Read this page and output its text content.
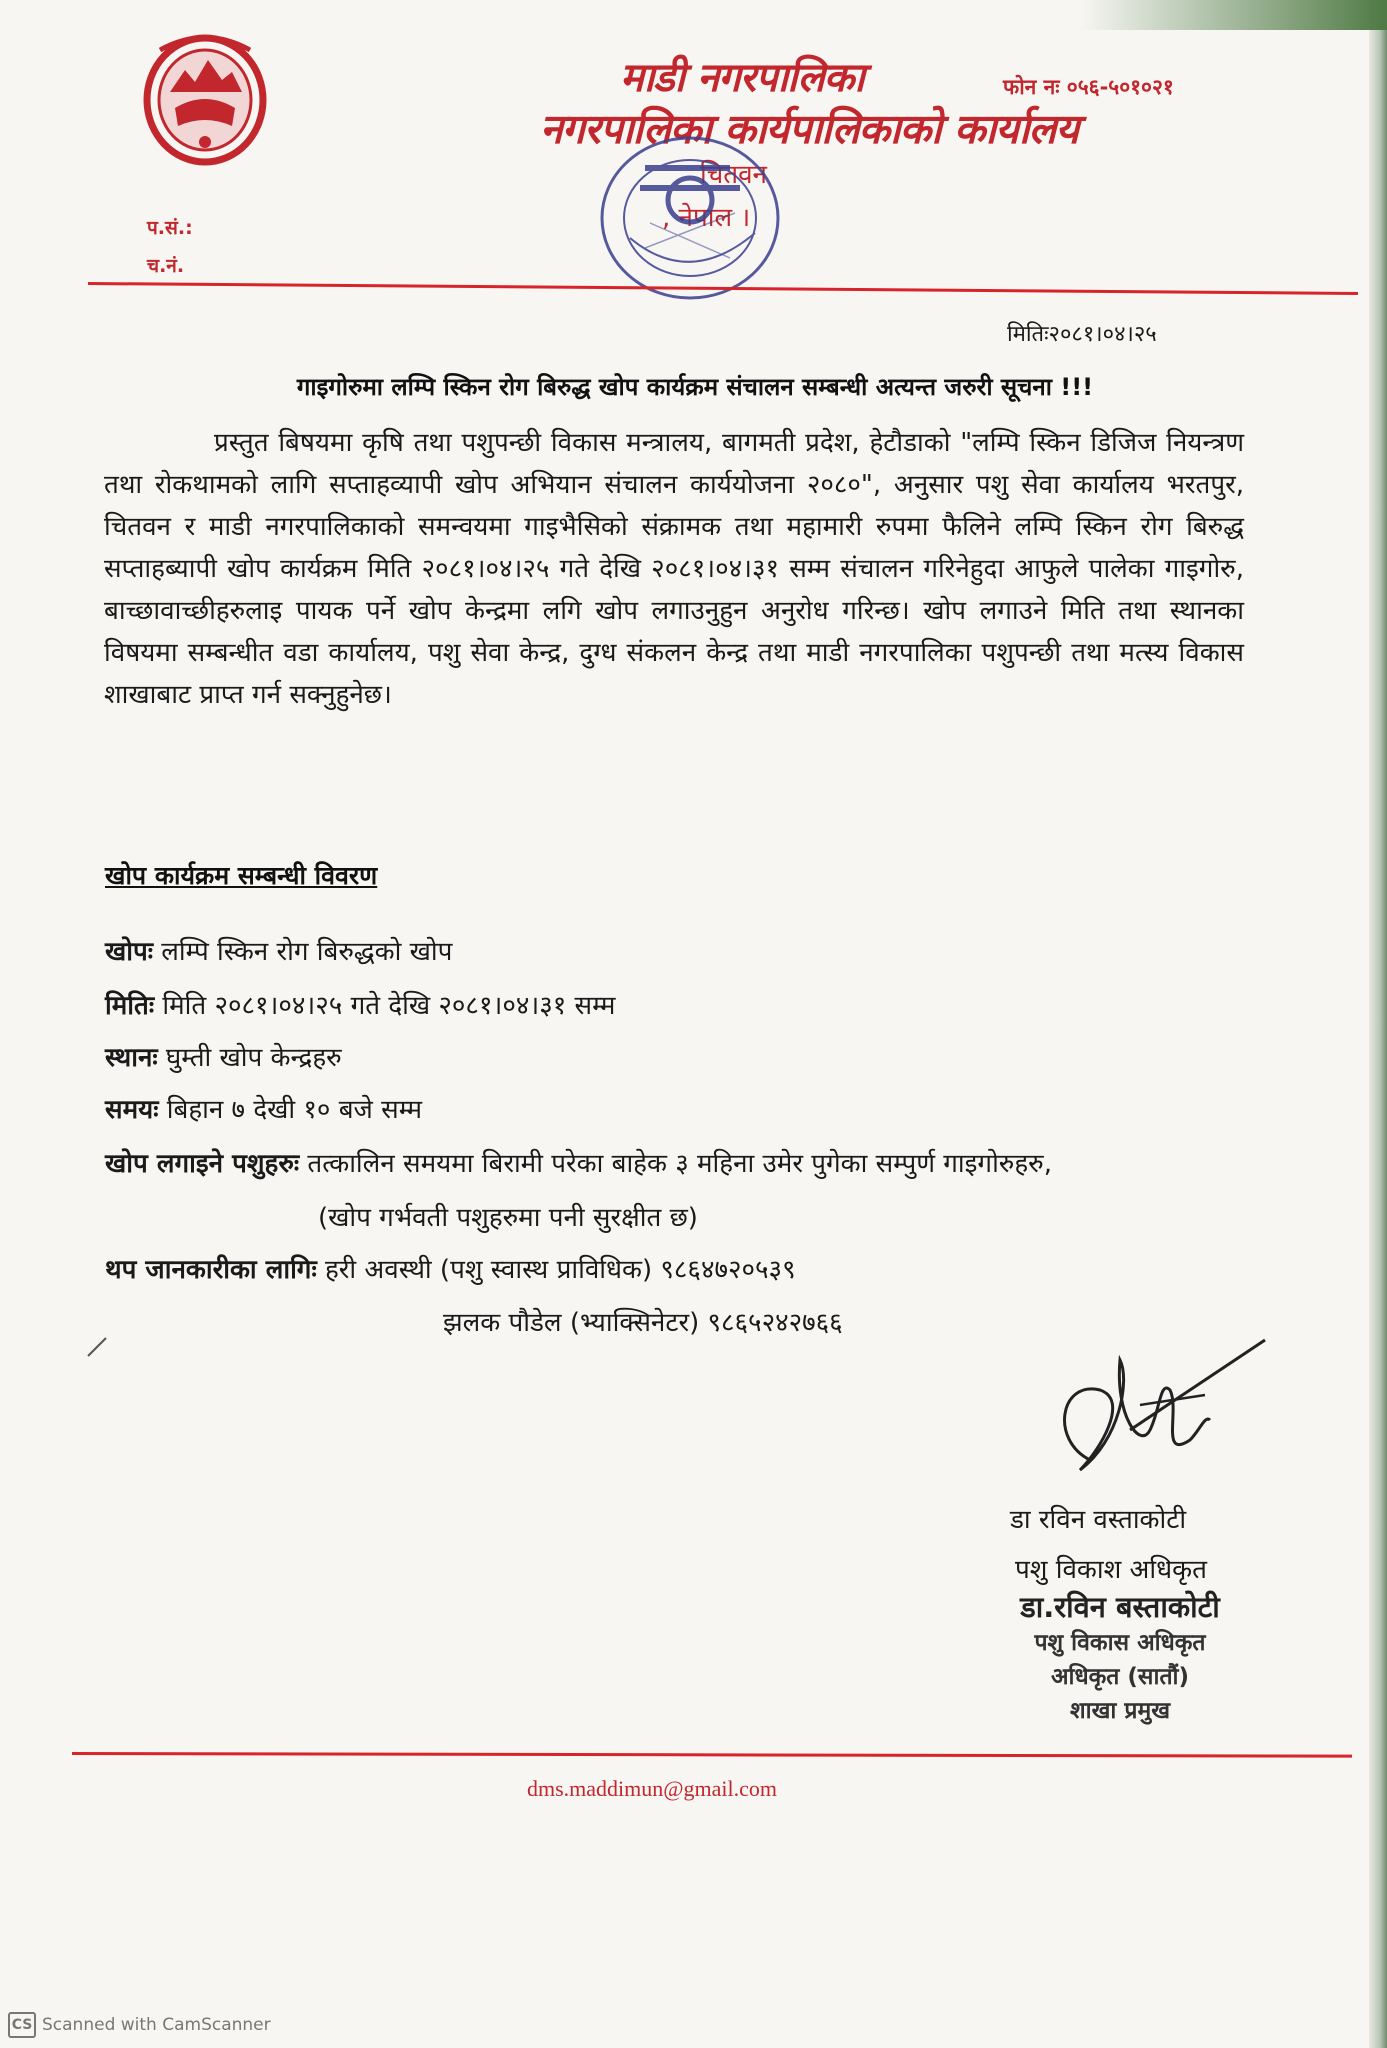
माडी नगरपालिका
नगरपालिका कार्यपालिकाको कार्यालय
फोन नः ०५६-५०१०२१
चितवन
, नेपाल ।
प.सं.:
च.नं.
मितिः२०८१।०४।२५
गाइगोरुमा लम्पि स्किन रोग बिरुद्ध खोप कार्यक्रम संचालन सम्बन्धी अत्यन्त जरुरी सूचना !!!
प्रस्तुत बिषयमा कृषि तथा पशुपन्छी विकास मन्त्रालय, बागमती प्रदेश, हेटौडाको "लम्पि स्किन डिजिज नियन्त्रण तथा रोकथामको लागि सप्ताहव्यापी खोप अभियान संचालन कार्ययोजना २०८०", अनुसार पशु सेवा कार्यालय भरतपुर, चितवन र माडी नगरपालिकाको समन्वयमा गाइभैसिको संक्रामक तथा महामारी रुपमा फैलिने लम्पि स्किन रोग बिरुद्ध सप्ताहब्यापी खोप कार्यक्रम मिति २०८१।०४।२५ गते देखि २०८१।०४।३१ सम्म संचालन गरिनेहुदा आफुले पालेका गाइगोरु, बाच्छावाच्छीहरुलाइ पायक पर्ने खोप केन्द्रमा लगि खोप लगाउनुहुन अनुरोध गरिन्छ। खोप लगाउने मिति तथा स्थानका विषयमा सम्बन्धीत वडा कार्यालय, पशु सेवा केन्द्र, दुग्ध संकलन केन्द्र तथा माडी नगरपालिका पशुपन्छी तथा मत्स्य विकास शाखाबाट प्राप्त गर्न सक्नुहुनेछ।
खोप कार्यक्रम सम्बन्धी विवरण
खोपः लम्पि स्किन रोग बिरुद्धको खोप
मितिः मिति २०८१।०४।२५ गते देखि २०८१।०४।३१ सम्म
स्थानः घुम्ती खोप केन्द्रहरु
समयः बिहान ७ देखी १० बजे सम्म
खोप लगाइने पशुहरुः तत्कालिन समयमा बिरामी परेका बाहेक ३ महिना उमेर पुगेका सम्पुर्ण गाइगोरुहरु,
(खोप गर्भवती पशुहरुमा पनी सुरक्षीत छ)
थप जानकारीका लागिः हरी अवस्थी (पशु स्वास्थ प्राविधिक) ९८६४७२०५३९
झलक पौडेल (भ्याक्सिनेटर) ९८६५२४२७६६
डा रविन वस्ताकोटी
पशु विकाश अधिकृत
डा.रविन बस्ताकोटी
पशु विकास अधिकृत
अधिकृत (सातौं)
शाखा प्रमुख
dms.maddimun@gmail.com
CS Scanned with CamScanner
